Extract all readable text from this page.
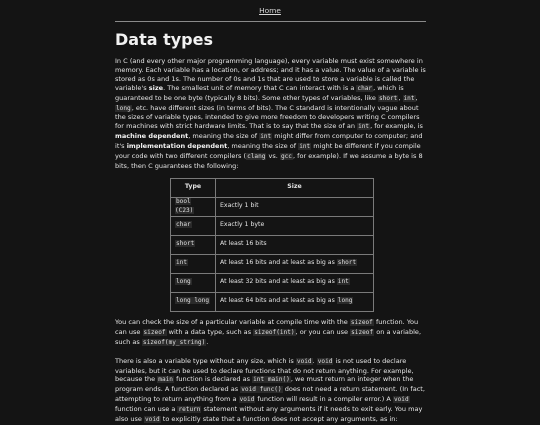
Home
Data types

In C (and every other major programming language), every variable must exist somewhere in memory. Each variable has a location, or address; and it has a value. The value of a variable is stored as 0s and 1s. The number of 0s and 1s that are used to store a variable is called the variable's size. The smallest unit of memory that C can interact with is a char, which is guaranteed to be one byte (typically 8 bits). Some other types of variables, like short, int, long, etc. have different sizes (in terms of bits). The C standard is intentionally vague about the sizes of variable types, intended to give more freedom to developers writing C compilers for machines with strict hardware limits. That is to say that the size of an int, for example, is machine dependent, meaning the size of int might differ from computer to computer; and it's implementation dependent, meaning the size of int might be different if you compile your code with two different compilers (clang vs. gcc, for example). If we assume a byte is 8 bits, then C guarantees the following:

Type	Size
bool (C23)	Exactly 1 bit
char	Exactly 1 byte
short	At least 16 bits
int	At least 16 bits and at least as big as short
long	At least 32 bits and at least as big as int
long long	At least 64 bits and at least as big as long

You can check the size of a particular variable at compile time with the sizeof function. You can use sizeof with a data type, such as sizeof(int), or you can use sizeof on a variable, such as sizeof(my_string).

There is also a variable type without any size, which is void. void is not used to declare variables, but it can be used to declare functions that do not return anything. For example, because the main function is declared as int main(), we must return an integer when the program ends. A function declared as void func() does not need a return statement. (In fact, attempting to return anything from a void function will result in a compiler error.) A void function can use a return statement without any arguments if it needs to exit early. You may also use void to explicitly state that a function does not accept any arguments, as in:
